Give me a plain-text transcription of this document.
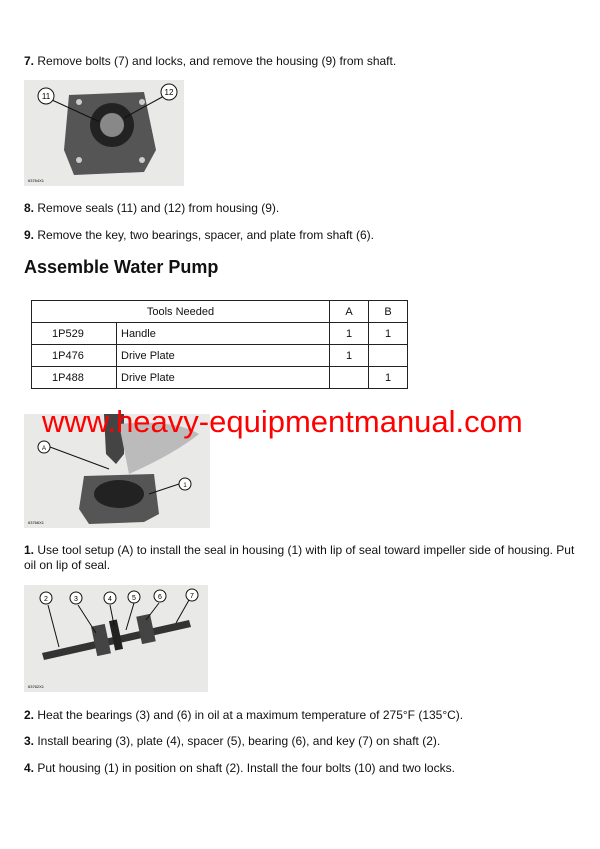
7. Remove bolts (7) and locks, and remove the housing (9) from shaft.
11	12
63764X1
8. Remove seals (11) and (12) from housing (9).
9. Remove the key, two bearings, spacer, and plate from shaft (6).
Assemble Water Pump
Tools Needed		A	B
1P529	Handle	1	1
1P476	Drive Plate	1	
1P488	Drive Plate		1
A
1
63766X1
www.heavy-equipmentmanual.com
1. Use tool setup (A) to install the seal in housing (1) with lip of seal toward impeller side of housing. Put oil on lip of seal.
2	3	4	5	6	7
63762X1
2. Heat the bearings (3) and (6) in oil at a maximum temperature of 275°F (135°C).
3. Install bearing (3), plate (4), spacer (5), bearing (6), and key (7) on shaft (2).
4. Put housing (1) in position on shaft (2). Install the four bolts (10) and two locks.
